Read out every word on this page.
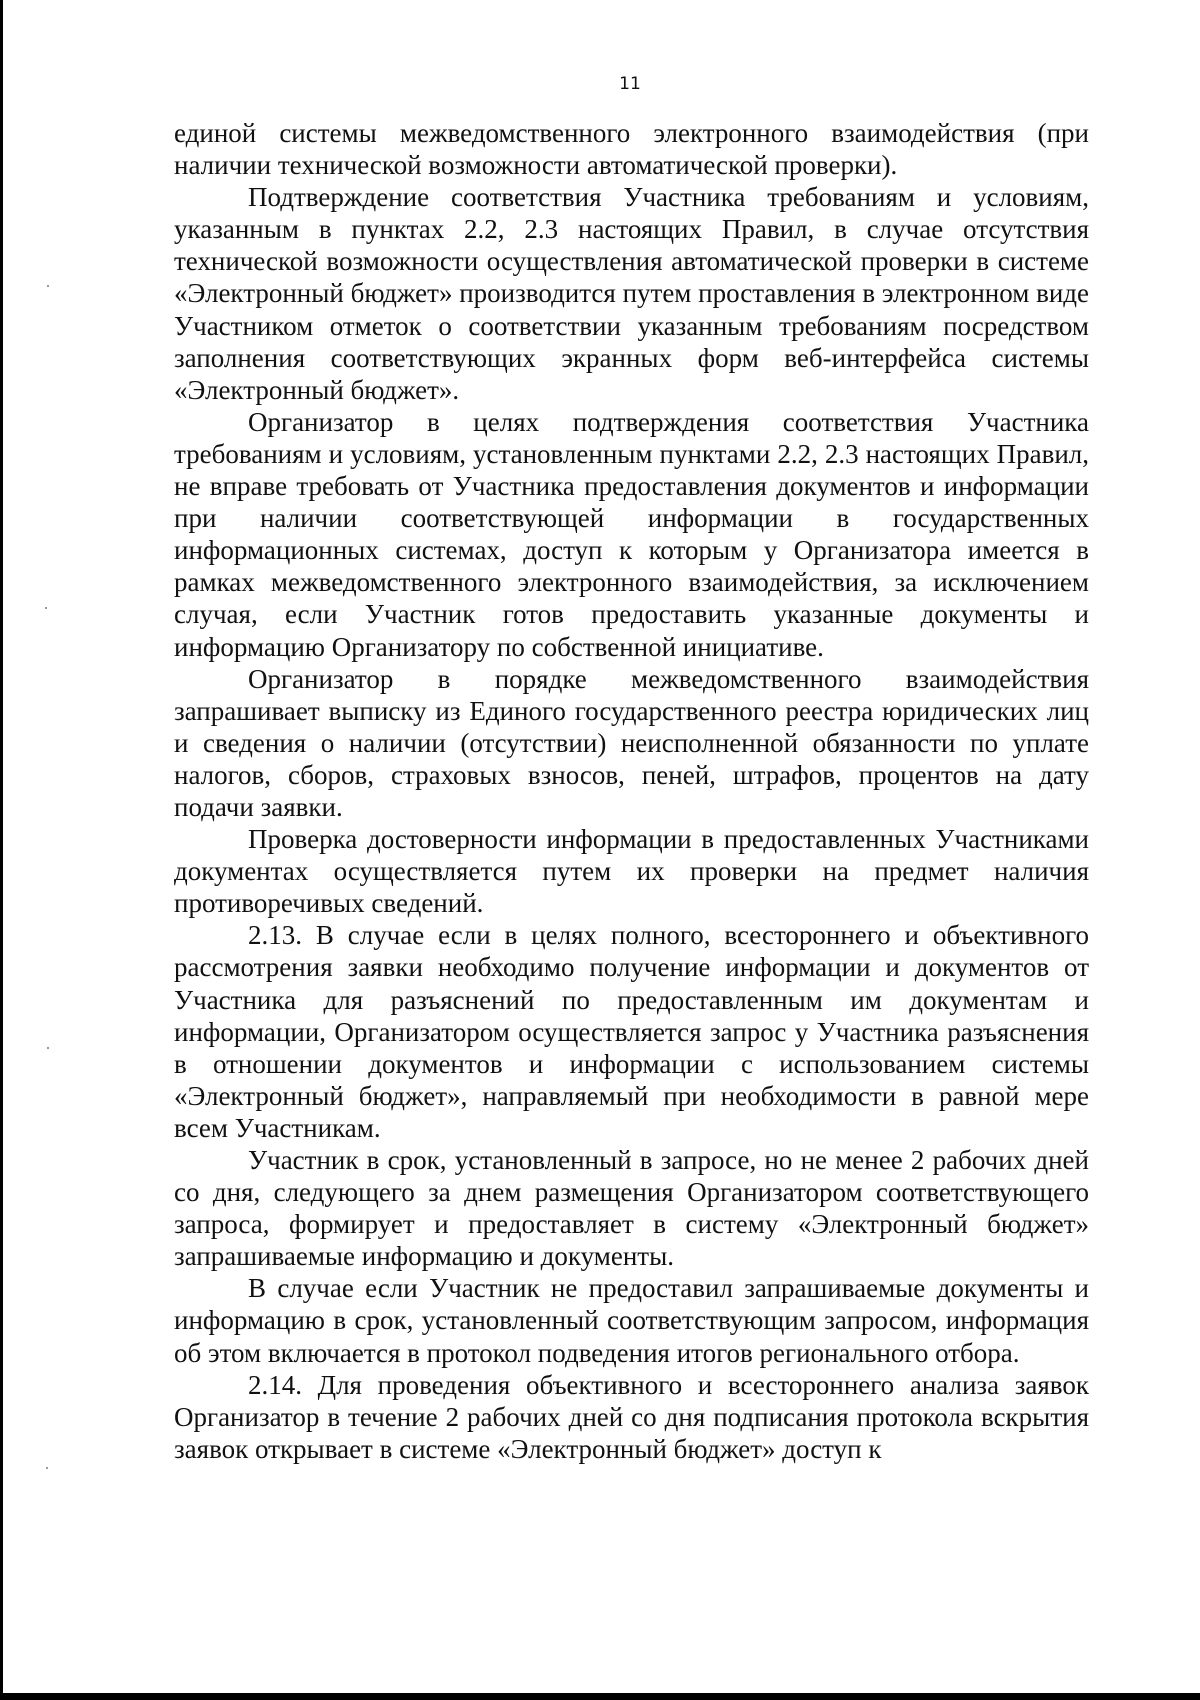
11

единой системы межведомственного электронного взаимодействия (при наличии технической возможности автоматической проверки).

Подтверждение соответствия Участника требованиям и условиям, указанным в пунктах 2.2, 2.3 настоящих Правил, в случае отсутствия технической возможности осуществления автоматической проверки в системе «Электронный бюджет» производится путем проставления в электронном виде Участником отметок о соответствии указанным требованиям посредством заполнения соответствующих экранных форм веб-интерфейса системы «Электронный бюджет».

Организатор в целях подтверждения соответствия Участника требованиям и условиям, установленным пунктами 2.2, 2.3 настоящих Правил, не вправе требовать от Участника предоставления документов и информации при наличии соответствующей информации в государственных информационных системах, доступ к которым у Организатора имеется в рамках межведомственного электронного взаимодействия, за исключением случая, если Участник готов предоставить указанные документы и информацию Организатору по собственной инициативе.

Организатор в порядке межведомственного взаимодействия запрашивает выписку из Единого государственного реестра юридических лиц и сведения о наличии (отсутствии) неисполненной обязанности по уплате налогов, сборов, страховых взносов, пеней, штрафов, процентов на дату подачи заявки.

Проверка достоверности информации в предоставленных Участниками документах осуществляется путем их проверки на предмет наличия противоречивых сведений.

2.13. В случае если в целях полного, всестороннего и объективного рассмотрения заявки необходимо получение информации и документов от Участника для разъяснений по предоставленным им документам и информации, Организатором осуществляется запрос у Участника разъяснения в отношении документов и информации с использованием системы «Электронный бюджет», направляемый при необходимости в равной мере всем Участникам.

Участник в срок, установленный в запросе, но не менее 2 рабочих дней со дня, следующего за днем размещения Организатором соответствующего запроса, формирует и предоставляет в систему «Электронный бюджет» запрашиваемые информацию и документы.

В случае если Участник не предоставил запрашиваемые документы и информацию в срок, установленный соответствующим запросом, информация об этом включается в протокол подведения итогов регионального отбора.

2.14. Для проведения объективного и всестороннего анализа заявок Организатор в течение 2 рабочих дней со дня подписания протокола вскрытия заявок открывает в системе «Электронный бюджет» доступ к
